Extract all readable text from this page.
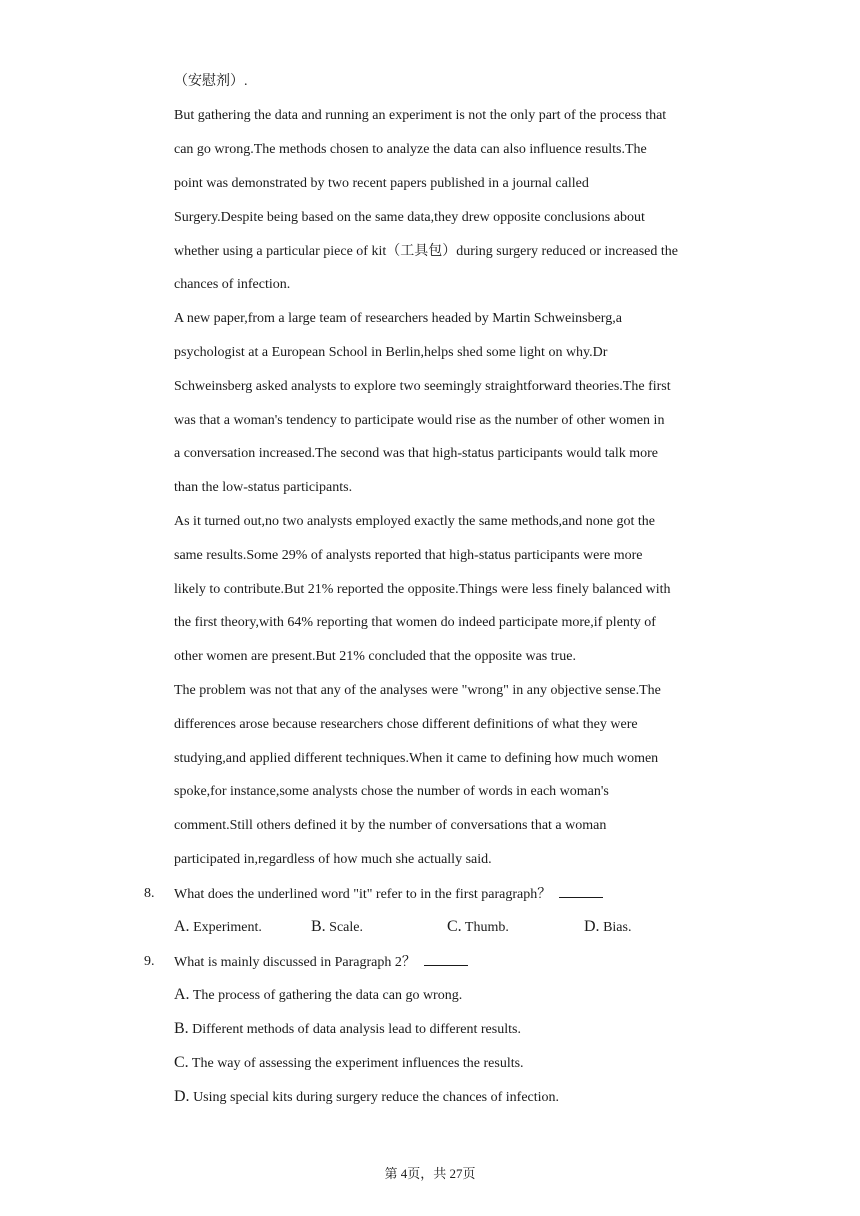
（安慰剂）.
But gathering the data and running an experiment is not the only part of the process that
can go wrong.The methods chosen to analyze the data can also influence results.The
point was demonstrated by two recent papers published in a journal called
Surgery.Despite being based on the same data,they drew opposite conclusions about
whether using a particular piece of kit（工具包）during surgery reduced or increased the
chances of infection.
A new paper,from a large team of researchers headed by Martin Schweinsberg,a
psychologist at a European School in Berlin,helps shed some light on why.Dr
Schweinsberg asked analysts to explore two seemingly straightforward theories.The first
was that a woman's tendency to participate would rise as the number of other women in
a conversation increased.The second was that high-status participants would talk more
than the low-status participants.
As it turned out,no two analysts employed exactly the same methods,and none got the
same results.Some 29% of analysts reported that high-status participants were more
likely to contribute.But 21% reported the opposite.Things were less finely balanced with
the first theory,with 64% reporting that women do indeed participate more,if plenty of
other women are present.But 21% concluded that the opposite was true.
The problem was not that any of the analyses were "wrong" in any objective sense.The
differences arose because researchers chose different definitions of what they were
studying,and applied different techniques.When it came to defining how much women
spoke,for instance,some analysts chose the number of words in each woman's
comment.Still others defined it by the number of conversations that a woman
participated in,regardless of how much she actually said.
8. What does the underlined word "it" refer to in the first paragraph？
A. Experiment.	B. Scale.	C. Thumb.	D. Bias.
9. What is mainly discussed in Paragraph 2？
A. The process of gathering the data can go wrong.
B. Different methods of data analysis lead to different results.
C. The way of assessing the experiment influences the results.
D. Using special kits during surgery reduce the chances of infection.
第 4页，共 27页
